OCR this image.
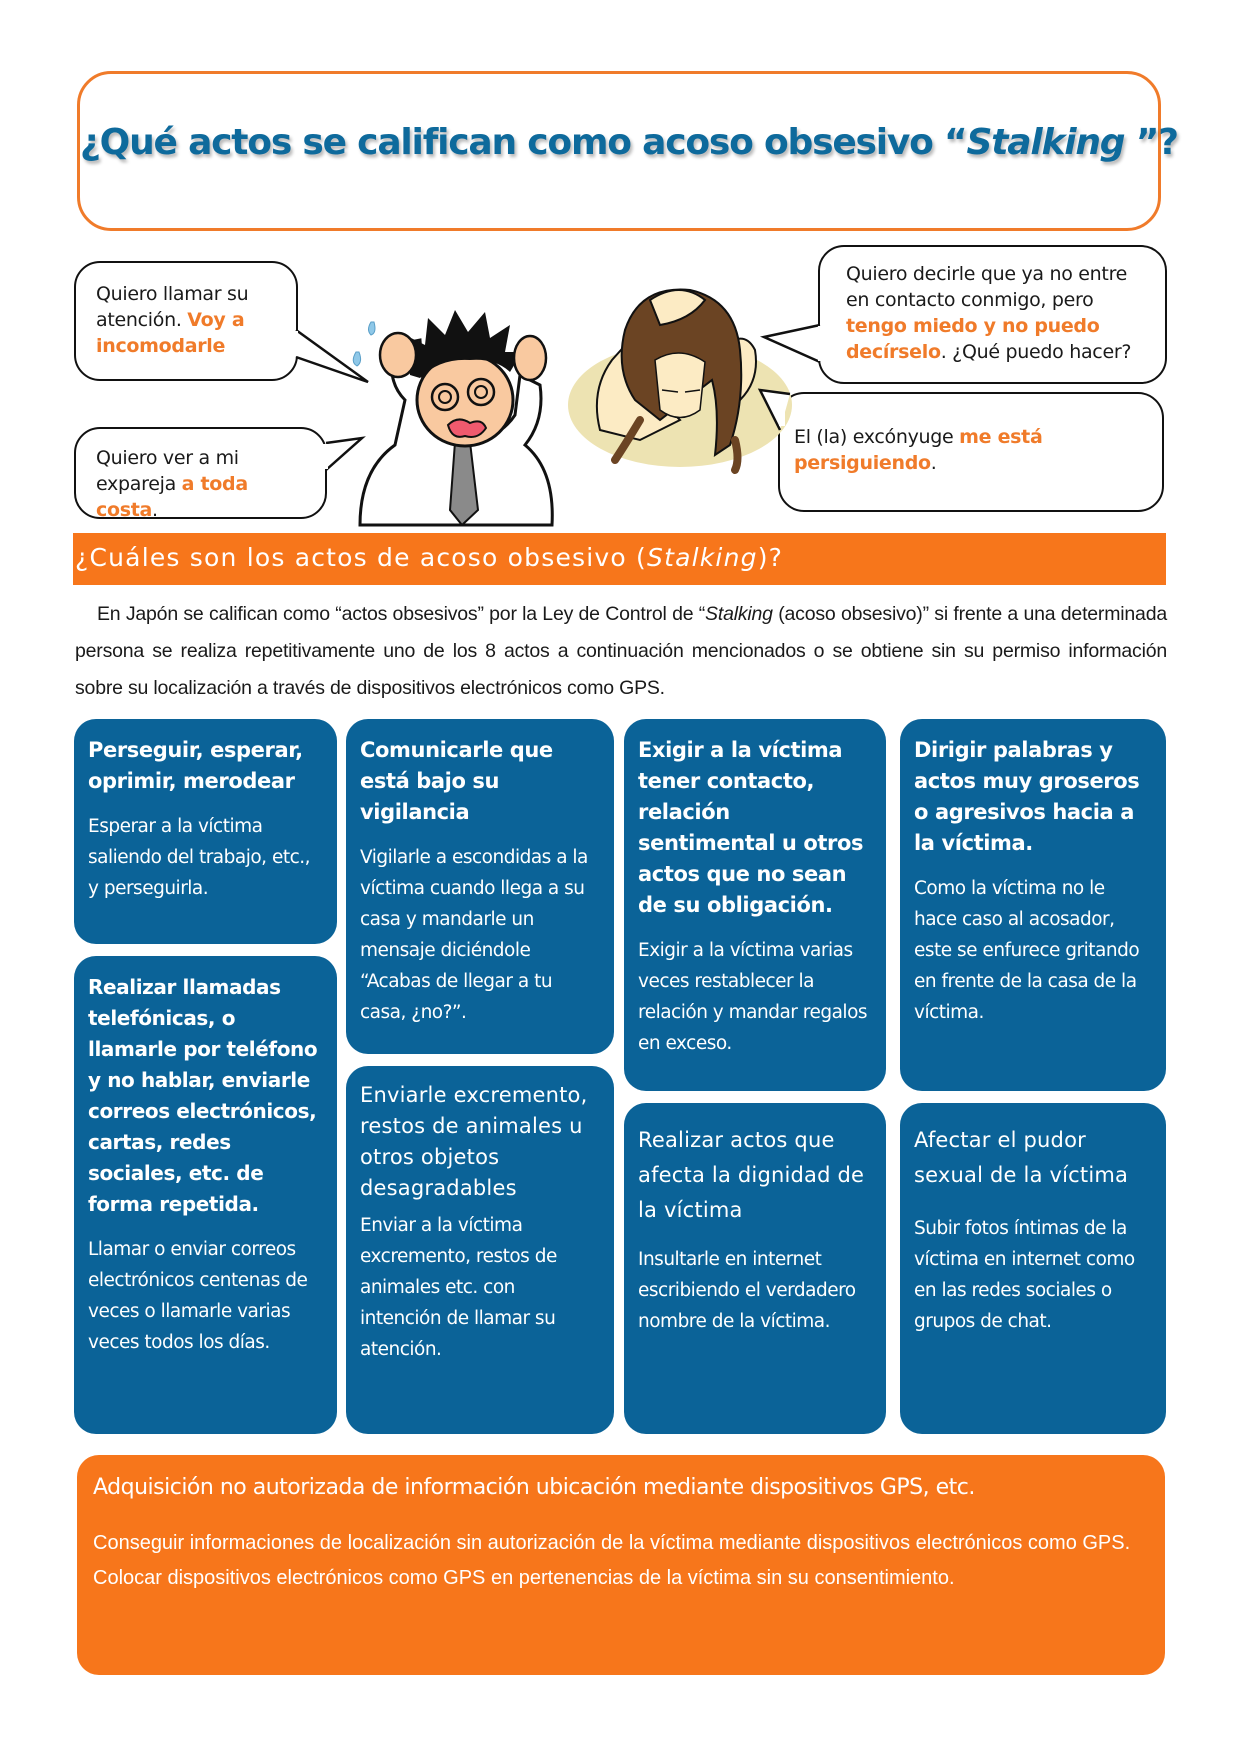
¿Qué actos se califican como acoso obsesivo “Stalking ”?
Quiero llamar su atención. Voy a incomodarle
Quiero ver a mi expareja a toda costa.
Quiero decirle que ya no entre en contacto conmigo, pero tengo miedo y no puedo decírselo. ¿Qué puedo hacer?
El (la) excónyuge me está persiguiendo.
¿Cuáles son los actos de acoso obsesivo (Stalking)?

En Japón se califican como “actos obsesivos” por la Ley de Control de “Stalking (acoso obsesivo)” si frente a una determinada persona se realiza repetitivamente uno de los 8 actos a continuación mencionados o se obtiene sin su permiso información sobre su localización a través de dispositivos electrónicos como GPS.

Perseguir, esperar, oprimir, merodear

Esperar a la víctima saliendo del trabajo, etc., y perseguirla.

Comunicarle que está bajo su vigilancia

Vigilarle a escondidas a la víctima cuando llega a su casa y mandarle un mensaje diciéndole “Acabas de llegar a tu casa, ¿no?”.

Exigir a la víctima tener contacto, relación sentimental u otros actos que no sean de su obligación.

Exigir a la víctima varias veces restablecer la relación y mandar regalos en exceso.

Dirigir palabras y actos muy groseros o agresivos hacia a la víctima.

Como la víctima no le hace caso al acosador, este se enfurece gritando en frente de la casa de la víctima.

Realizar llamadas telefónicas, o llamarle por teléfono y no hablar, enviarle correos electrónicos, cartas, redes sociales, etc. de forma repetida.

Llamar o enviar correos electrónicos centenas de veces o llamarle varias veces todos los días.

Enviarle excremento, restos de animales u otros objetos desagradables

Enviar a la víctima excremento, restos de animales etc. con intención de llamar su atención.

Realizar actos que afecta la dignidad de la víctima

Insultarle en internet escribiendo el verdadero nombre de la víctima.

Afectar el pudor sexual de la víctima

Subir fotos íntimas de la víctima en internet como en las redes sociales o grupos de chat.

Adquisición no autorizada de información ubicación mediante dispositivos GPS, etc.

Conseguir informaciones de localización sin autorización de la víctima mediante dispositivos electrónicos como GPS.

Colocar dispositivos electrónicos como GPS en pertenencias de la víctima sin su consentimiento.
